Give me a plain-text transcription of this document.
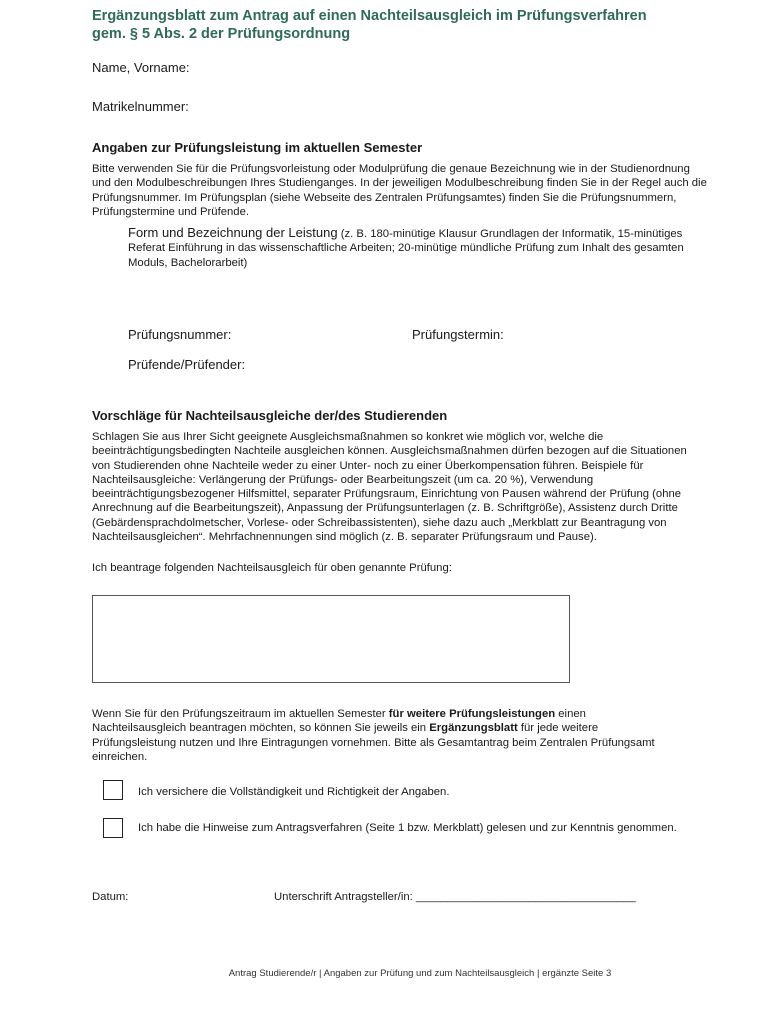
Ergänzungsblatt zum Antrag auf einen Nachteilsausgleich im Prüfungsverfahren
gem. § 5 Abs. 2 der Prüfungsordnung
Name, Vorname:
Matrikelnummer:
Angaben zur Prüfungsleistung im aktuellen Semester
Bitte verwenden Sie für die Prüfungsvorleistung oder Modulprüfung die genaue Bezeichnung wie in der Studienordnung und den Modulbeschreibungen Ihres Studienganges. In der jeweiligen Modulbeschreibung finden Sie in der Regel auch die Prüfungsnummer. Im Prüfungsplan (siehe Webseite des Zentralen Prüfungsamtes) finden Sie die Prüfungsnummern, Prüfungstermine und Prüfende.
Form und Bezeichnung der Leistung (z. B. 180-minütige Klausur Grundlagen der Informatik, 15-minütiges Referat Einführung in das wissenschaftliche Arbeiten; 20-minütige mündliche Prüfung zum Inhalt des gesamten Moduls, Bachelorarbeit)
Prüfungsnummer:	Prüfungstermin:
Prüfende/Prüfender:
Vorschläge für Nachteilsausgleiche der/des Studierenden
Schlagen Sie aus Ihrer Sicht geeignete Ausgleichsmaßnahmen so konkret wie möglich vor, welche die beeinträchtigungsbedingten Nachteile ausgleichen können. Ausgleichsmaßnahmen dürfen bezogen auf die Situationen von Studierenden ohne Nachteile weder zu einer Unter- noch zu einer Überkompensation führen. Beispiele für Nachteilsausgleiche: Verlängerung der Prüfungs- oder Bearbeitungszeit (um ca. 20 %), Verwendung beeinträchtigungsbezogener Hilfsmittel, separater Prüfungsraum, Einrichtung von Pausen während der Prüfung (ohne Anrechnung auf die Bearbeitungszeit), Anpassung der Prüfungsunterlagen (z. B. Schriftgröße), Assistenz durch Dritte (Gebärdensprachdolmetscher, Vorlese- oder Schreibassistenten), siehe dazu auch „Merkblatt zur Beantragung von Nachteilsausgleichen“. Mehrfachnennungen sind möglich (z. B. separater Prüfungsraum und Pause).
Ich beantrage folgenden Nachteilsausgleich für oben genannte Prüfung:
Wenn Sie für den Prüfungszeitraum im aktuellen Semester für weitere Prüfungsleistungen einen Nachteilsausgleich beantragen möchten, so können Sie jeweils ein Ergänzungsblatt für jede weitere Prüfungsleistung nutzen und Ihre Eintragungen vornehmen. Bitte als Gesamtantrag beim Zentralen Prüfungsamt einreichen.
Ich versichere die Vollständigkeit und Richtigkeit der Angaben.
Ich habe die Hinweise zum Antragsverfahren (Seite 1 bzw. Merkblatt) gelesen und zur Kenntnis genommen.
Datum:	Unterschrift Antragsteller/in: ___________________________________
Antrag Studierende/r | Angaben zur Prüfung und zum Nachteilsausgleich | ergänzte Seite 3
